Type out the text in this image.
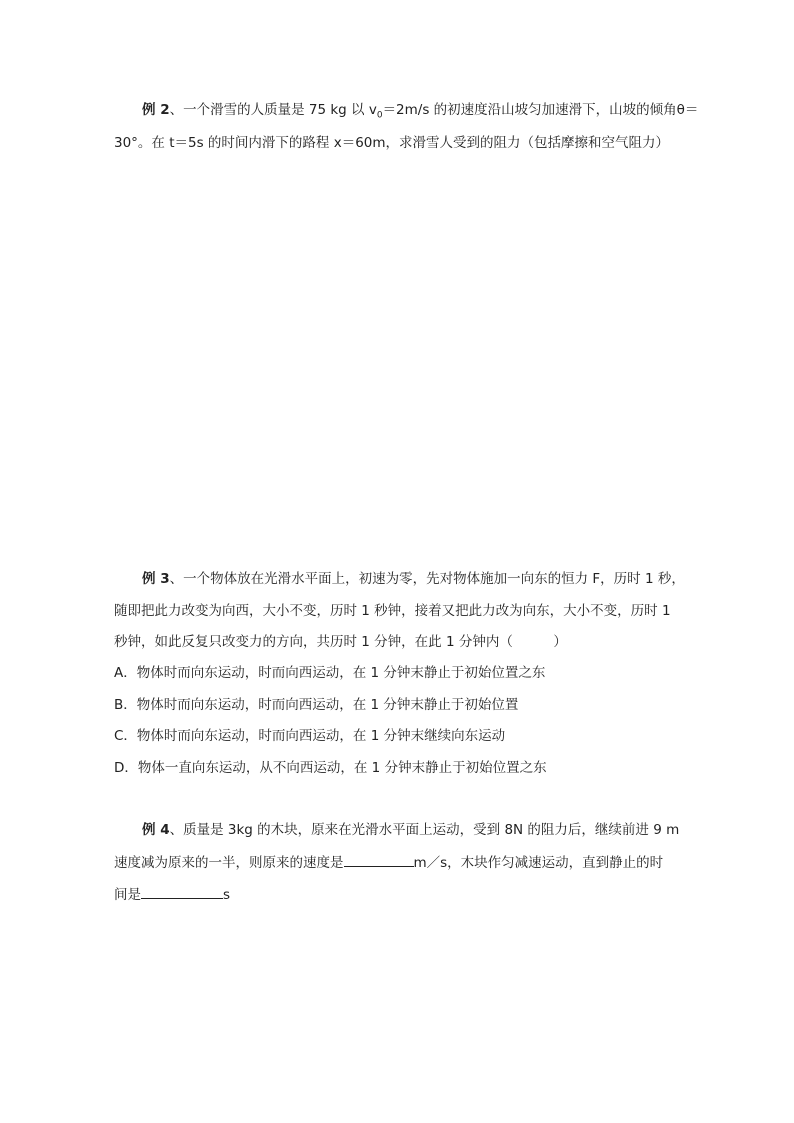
例 2、一个滑雪的人质量是 75 kg 以 $v_0=2m/s$ 的初速度沿山坡匀加速滑下，山坡的倾角θ＝
30°。在 t＝5s 的时间内滑下的路程 x＝60m，求滑雪人受到的阻力（包括摩擦和空气阻力）
例 3、一个物体放在光滑水平面上，初速为零，先对物体施加一向东的恒力 F，历时 1 秒，
随即把此力改变为向西，大小不变，历时 1 秒钟，接着又把此力改为向东，大小不变，历时 1
秒钟，如此反复只改变力的方向，共历时 1 分钟，在此 1 分钟内（　　　）
A．物体时而向东运动，时而向西运动，在 1 分钟末静止于初始位置之东
B．物体时而向东运动，时而向西运动，在 1 分钟末静止于初始位置
C．物体时而向东运动，时而向西运动，在 1 分钟末继续向东运动
D．物体一直向东运动，从不向西运动，在 1 分钟末静止于初始位置之东
例 4、质量是 3kg 的木块，原来在光滑水平面上运动，受到 8N 的阻力后，继续前进 9 m
速度减为原来的一半，则原来的速度是	m／s，木块作匀减速运动，直到静止的时
间是	s
